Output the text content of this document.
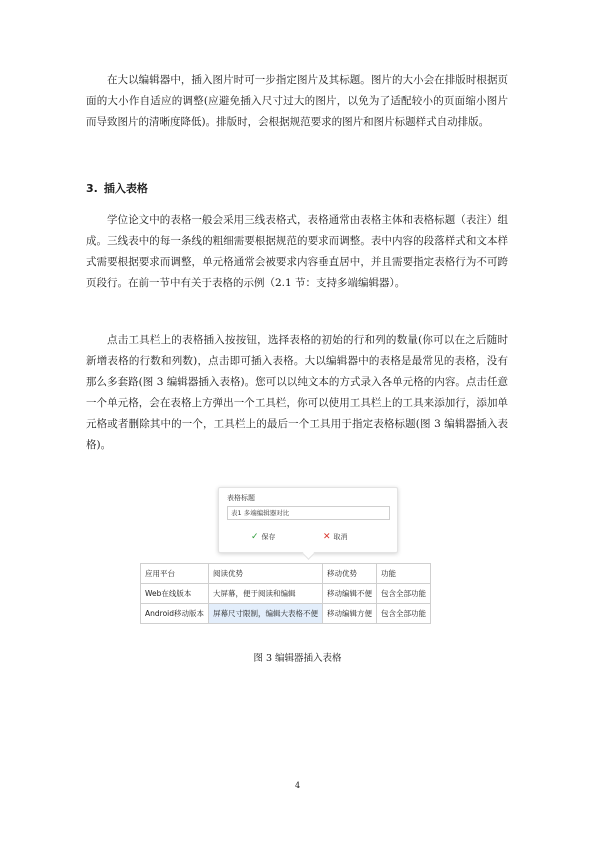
在大以编辑器中，插入图片时可一步指定图片及其标题。图片的大小会在排版时根据页面的大小作自适应的调整(应避免插入尺寸过大的图片，以免为了适配较小的页面缩小图片而导致图片的清晰度降低)。排版时，会根据规范要求的图片和图片标题样式自动排版。

3. 插入表格

学位论文中的表格一般会采用三线表格式，表格通常由表格主体和表格标题（表注）组成。三线表中的每一条线的粗细需要根据规范的要求而调整。表中内容的段落样式和文本样式需要根据要求而调整，单元格通常会被要求内容垂直居中，并且需要指定表格行为不可跨页段行。在前一节中有关于表格的示例（2.1 节：支持多端编辑器）。

点击工具栏上的表格插入按按钮，选择表格的初始的行和列的数量(你可以在之后随时新增表格的行数和列数)，点击即可插入表格。大以编辑器中的表格是最常见的表格，没有那么多套路(图 3 编辑器插入表格)。您可以以纯文本的方式录入各单元格的内容。点击任意一个单元格，会在表格上方弹出一个工具栏，你可以使用工具栏上的工具来添加行，添加单元格或者删除其中的一个，工具栏上的最后一个工具用于指定表格标题(图 3 编辑器插入表格)。

表格标题
表1 多端编辑器对比
✓ 保存	✕ 取消
应用平台	阅读优势	移动优势	功能
Web在线版本	大屏幕，便于阅读和编辑	移动编辑不便	包含全部功能
Android移动版本	屏幕尺寸限制，编辑大表格不便	移动编辑方便	包含全部功能

图 3 编辑器插入表格

4
